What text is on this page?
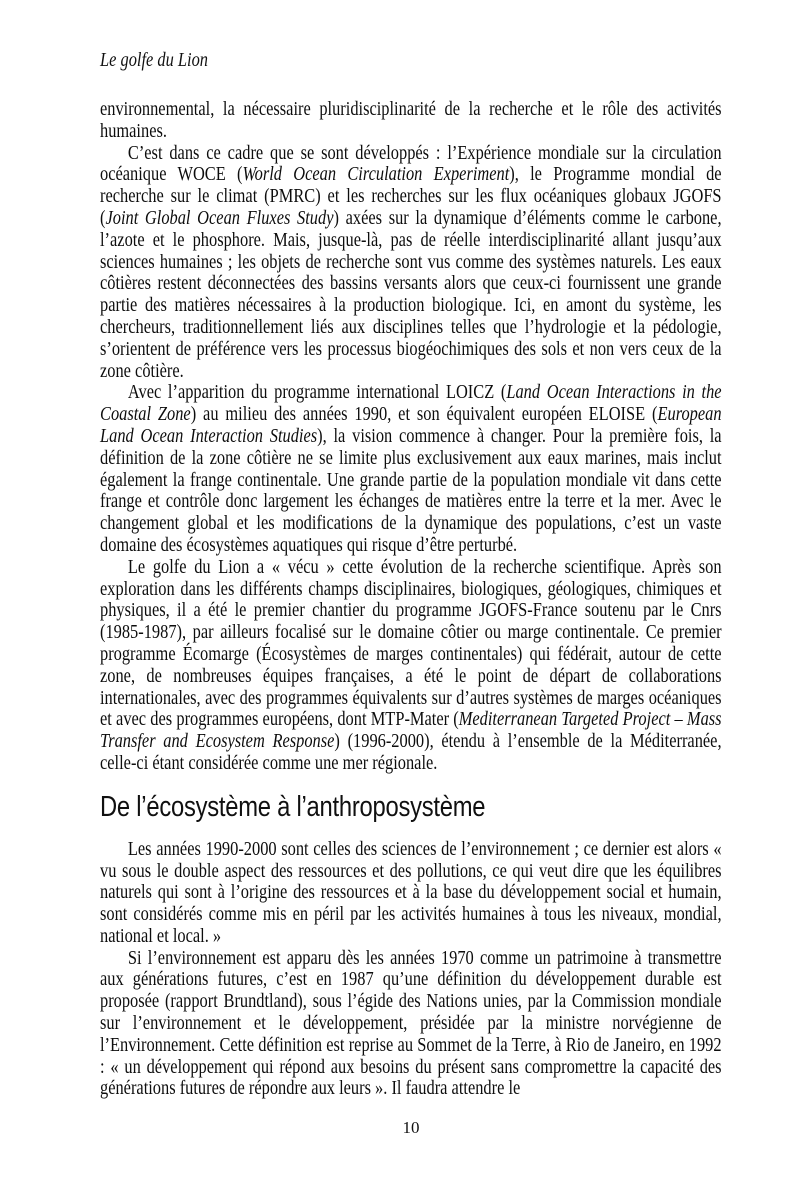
Le golfe du Lion

environnemental, la nécessaire pluridisciplinarité de la recherche et le rôle des activités humaines.

C’est dans ce cadre que se sont développés : l’Expérience mondiale sur la circulation océanique WOCE (World Ocean Circulation Experiment), le Programme mondial de recherche sur le climat (PMRC) et les recherches sur les flux océaniques globaux JGOFS (Joint Global Ocean Fluxes Study) axées sur la dynamique d’éléments comme le carbone, l’azote et le phosphore. Mais, jusque-là, pas de réelle interdisciplinarité allant jusqu’aux sciences humaines ; les objets de recherche sont vus comme des systèmes naturels. Les eaux côtières restent déconnectées des bassins versants alors que ceux-ci fournissent une grande partie des matières nécessaires à la production biologique. Ici, en amont du système, les chercheurs, traditionnellement liés aux disciplines telles que l’hydrologie et la pédologie, s’orientent de préférence vers les processus biogéochimiques des sols et non vers ceux de la zone côtière.

Avec l’apparition du programme international LOICZ (Land Ocean Interactions in the Coastal Zone) au milieu des années 1990, et son équivalent européen ELOISE (European Land Ocean Interaction Studies), la vision commence à changer. Pour la première fois, la définition de la zone côtière ne se limite plus exclusivement aux eaux marines, mais inclut également la frange continentale. Une grande partie de la population mondiale vit dans cette frange et contrôle donc largement les échanges de matières entre la terre et la mer. Avec le changement global et les modifications de la dynamique des populations, c’est un vaste domaine des écosystèmes aquatiques qui risque d’être perturbé.

Le golfe du Lion a « vécu » cette évolution de la recherche scientifique. Après son exploration dans les différents champs disciplinaires, biologiques, géologiques, chimiques et physiques, il a été le premier chantier du programme JGOFS-France soutenu par le Cnrs (1985-1987), par ailleurs focalisé sur le domaine côtier ou marge continentale. Ce premier programme Écomarge (Écosystèmes de marges continentales) qui fédérait, autour de cette zone, de nombreuses équipes françaises, a été le point de départ de collaborations internationales, avec des programmes équivalents sur d’autres systèmes de marges océaniques et avec des programmes européens, dont MTP-Mater (Mediterranean Targeted Project – Mass Transfer and Ecosystem Response) (1996-2000), étendu à l’ensemble de la Méditerranée, celle-ci étant considérée comme une mer régionale.

De l’écosystème à l’anthroposystème

Les années 1990-2000 sont celles des sciences de l’environnement ; ce dernier est alors « vu sous le double aspect des ressources et des pollutions, ce qui veut dire que les équilibres naturels qui sont à l’origine des ressources et à la base du développement social et humain, sont considérés comme mis en péril par les activités humaines à tous les niveaux, mondial, national et local. »

Si l’environnement est apparu dès les années 1970 comme un patrimoine à transmettre aux générations futures, c’est en 1987 qu’une définition du développement durable est proposée (rapport Brundtland), sous l’égide des Nations unies, par la Commission mondiale sur l’environnement et le développement, présidée par la ministre norvégienne de l’Environnement. Cette définition est reprise au Sommet de la Terre, à Rio de Janeiro, en 1992 : « un développement qui répond aux besoins du présent sans compromettre la capacité des générations futures de répondre aux leurs ». Il faudra attendre le

10
